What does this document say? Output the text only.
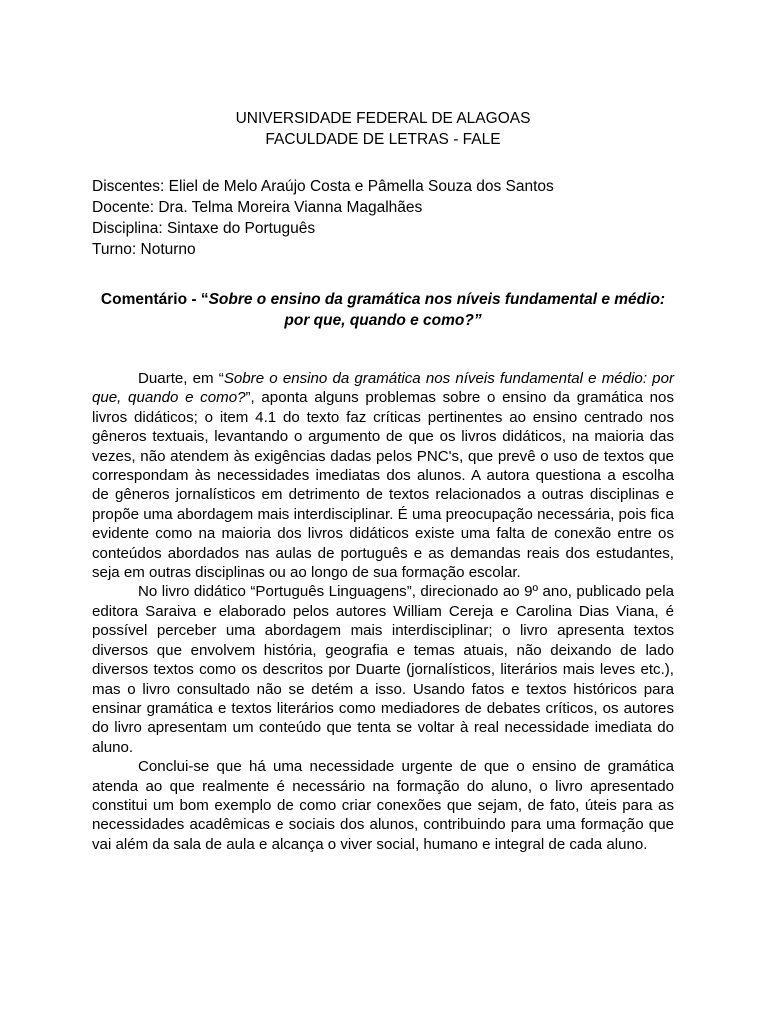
UNIVERSIDADE FEDERAL DE ALAGOAS
FACULDADE DE LETRAS - FALE
Discentes: Eliel de Melo Araújo Costa e Pâmella Souza dos Santos
Docente: Dra. Telma Moreira Vianna Magalhães
Disciplina: Sintaxe do Português
Turno: Noturno
Comentário - “Sobre o ensino da gramática nos níveis fundamental e médio: por que, quando e como?”

Duarte, em “Sobre o ensino da gramática nos níveis fundamental e médio: por que, quando e como?”, aponta alguns problemas sobre o ensino da gramática nos livros didáticos; o item 4.1 do texto faz críticas pertinentes ao ensino centrado nos gêneros textuais, levantando o argumento de que os livros didáticos, na maioria das vezes, não atendem às exigências dadas pelos PNC's, que prevê o uso de textos que correspondam às necessidades imediatas dos alunos. A autora questiona a escolha de gêneros jornalísticos em detrimento de textos relacionados a outras disciplinas e propõe uma abordagem mais interdisciplinar. É uma preocupação necessária, pois fica evidente como na maioria dos livros didáticos existe uma falta de conexão entre os conteúdos abordados nas aulas de português e as demandas reais dos estudantes, seja em outras disciplinas ou ao longo de sua formação escolar.

No livro didático “Português Linguagens”, direcionado ao 9º ano, publicado pela editora Saraiva e elaborado pelos autores William Cereja e Carolina Dias Viana, é possível perceber uma abordagem mais interdisciplinar; o livro apresenta textos diversos que envolvem história, geografia e temas atuais, não deixando de lado diversos textos como os descritos por Duarte (jornalísticos, literários mais leves etc.), mas o livro consultado não se detém a isso. Usando fatos e textos históricos para ensinar gramática e textos literários como mediadores de debates críticos, os autores do livro apresentam um conteúdo que tenta se voltar à real necessidade imediata do aluno.

Conclui-se que há uma necessidade urgente de que o ensino de gramática atenda ao que realmente é necessário na formação do aluno, o livro apresentado constitui um bom exemplo de como criar conexões que sejam, de fato, úteis para as necessidades acadêmicas e sociais dos alunos, contribuindo para uma formação que vai além da sala de aula e alcança o viver social, humano e integral de cada aluno.
